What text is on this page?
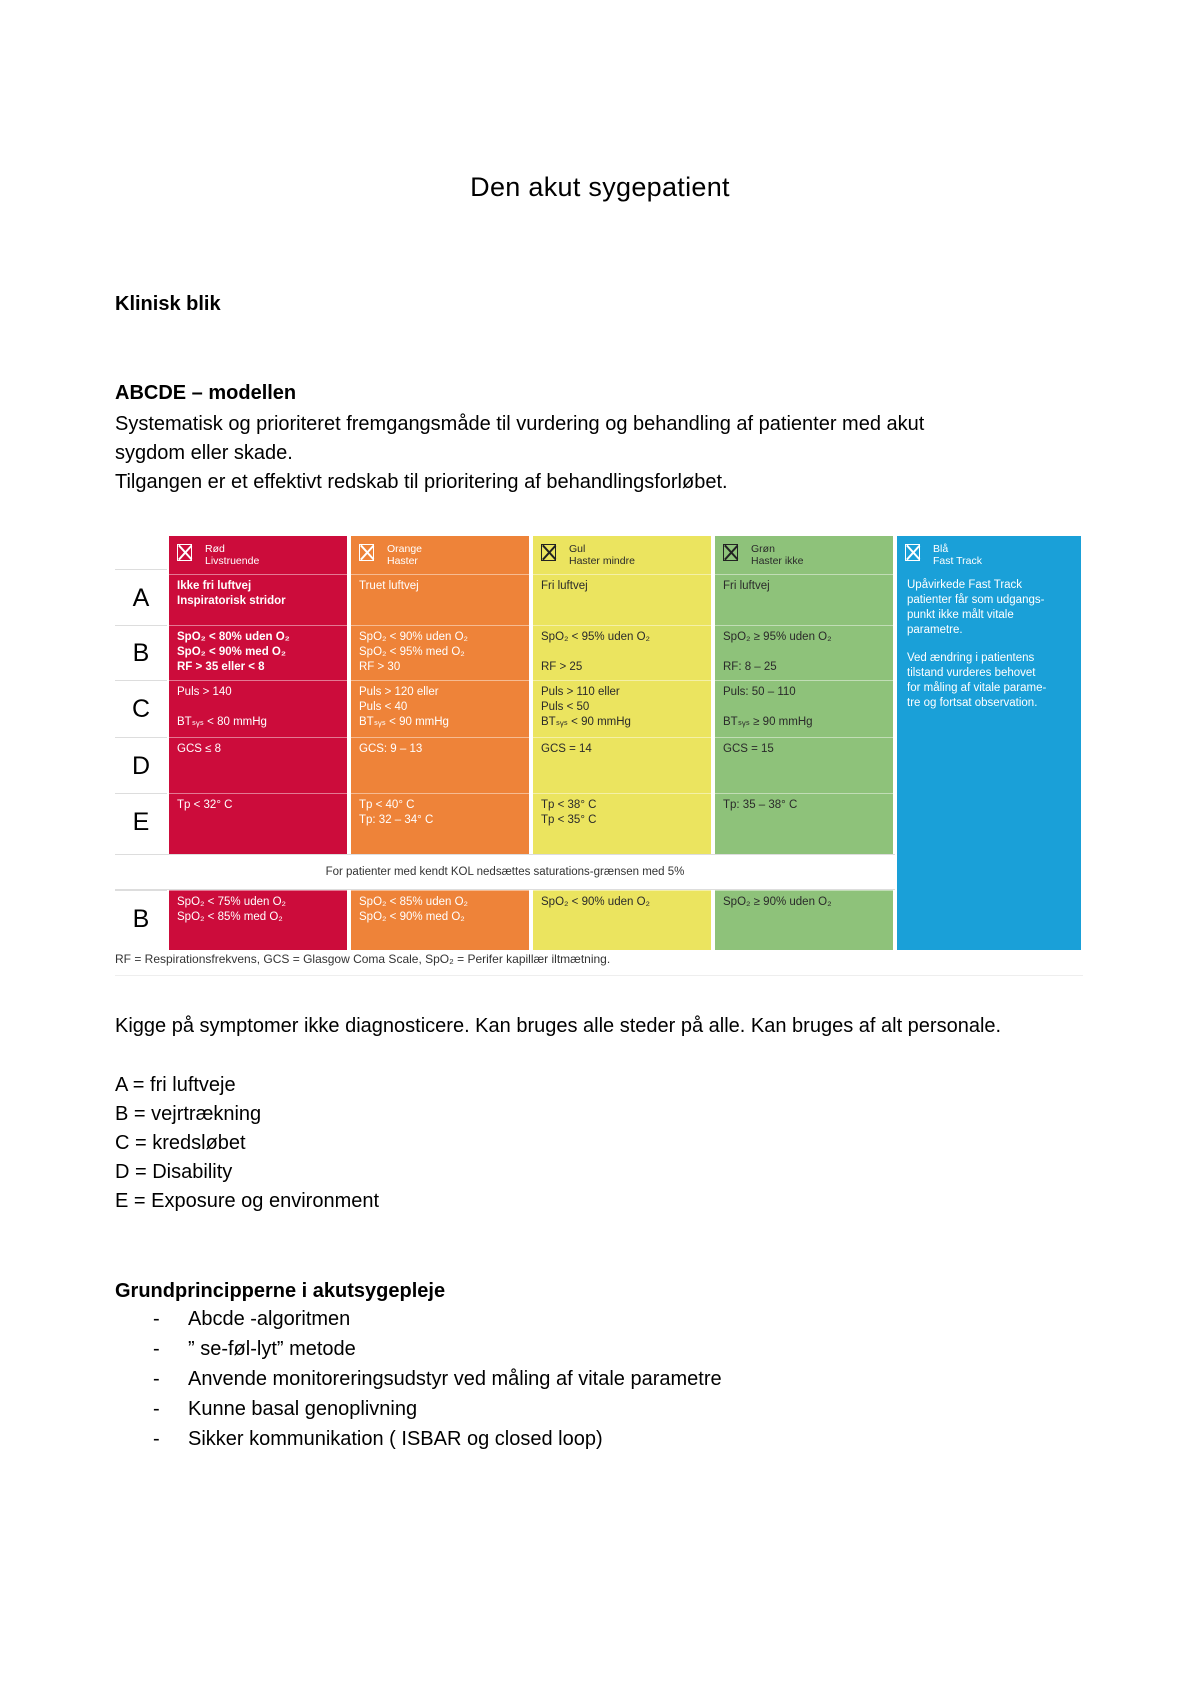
Den akut sygepatient
Klinisk blik
ABCDE – modellen
Systematisk og prioriteret fremgangsmåde til vurdering og behandling af patienter med akut
sygdom eller skade.
Tilgangen er et effektivt redskab til prioritering af behandlingsforløbet.
A
B
C
D
E
B
Rød
Livstruende
Ikke fri luftvej
Inspiratorisk stridor
SpO₂ < 80% uden O₂
SpO₂ < 90% med O₂
RF > 35 eller < 8
Puls > 140
BTₛᵧₛ < 80 mmHg
GCS ≤ 8
Tp < 32° C
SpO₂ < 75% uden O₂
SpO₂ < 85% med O₂
Orange
Haster
Truet luftvej
SpO₂ < 90% uden O₂
SpO₂ < 95% med O₂
RF > 30
Puls > 120 eller
Puls < 40
BTₛᵧₛ < 90 mmHg
GCS: 9 – 13
Tp < 40° C
Tp: 32 – 34° C
SpO₂ < 85% uden O₂
SpO₂ < 90% med O₂
Gul
Haster mindre
Fri luftvej
SpO₂ < 95% uden O₂
RF > 25
Puls > 110 eller
Puls < 50
BTₛᵧₛ < 90 mmHg
GCS = 14
Tp < 38° C
Tp < 35° C
SpO₂ < 90% uden O₂
Grøn
Haster ikke
Fri luftvej
SpO₂ ≥ 95% uden O₂
RF: 8 – 25
Puls: 50 – 110
BTₛᵧₛ ≥ 90 mmHg
GCS = 15
Tp: 35 – 38° C
SpO₂ ≥ 90% uden O₂
For patienter med kendt KOL nedsættes saturations-grænsen med 5%
Blå
Fast Track
Upåvirkede Fast Track
patienter får som udgangs-
punkt ikke målt vitale
parametre.
Ved ændring i patientens
tilstand vurderes behovet
for måling af vitale parame-
tre og fortsat observation.
RF = Respirationsfrekvens, GCS = Glasgow Coma Scale, SpO₂ = Perifer kapillær iltmætning.
Kigge på symptomer ikke diagnosticere. Kan bruges alle steder på alle. Kan bruges af alt personale.
A = fri luftveje
B = vejrtrækning
C = kredsløbet
D = Disability
E = Exposure og environment
Grundprincipperne i akutsygepleje
- Abcde -algoritmen
- ” se-føl-lyt” metode
- Anvende monitoreringsudstyr ved måling af vitale parametre
- Kunne basal genoplivning
- Sikker kommunikation ( ISBAR og closed loop)
